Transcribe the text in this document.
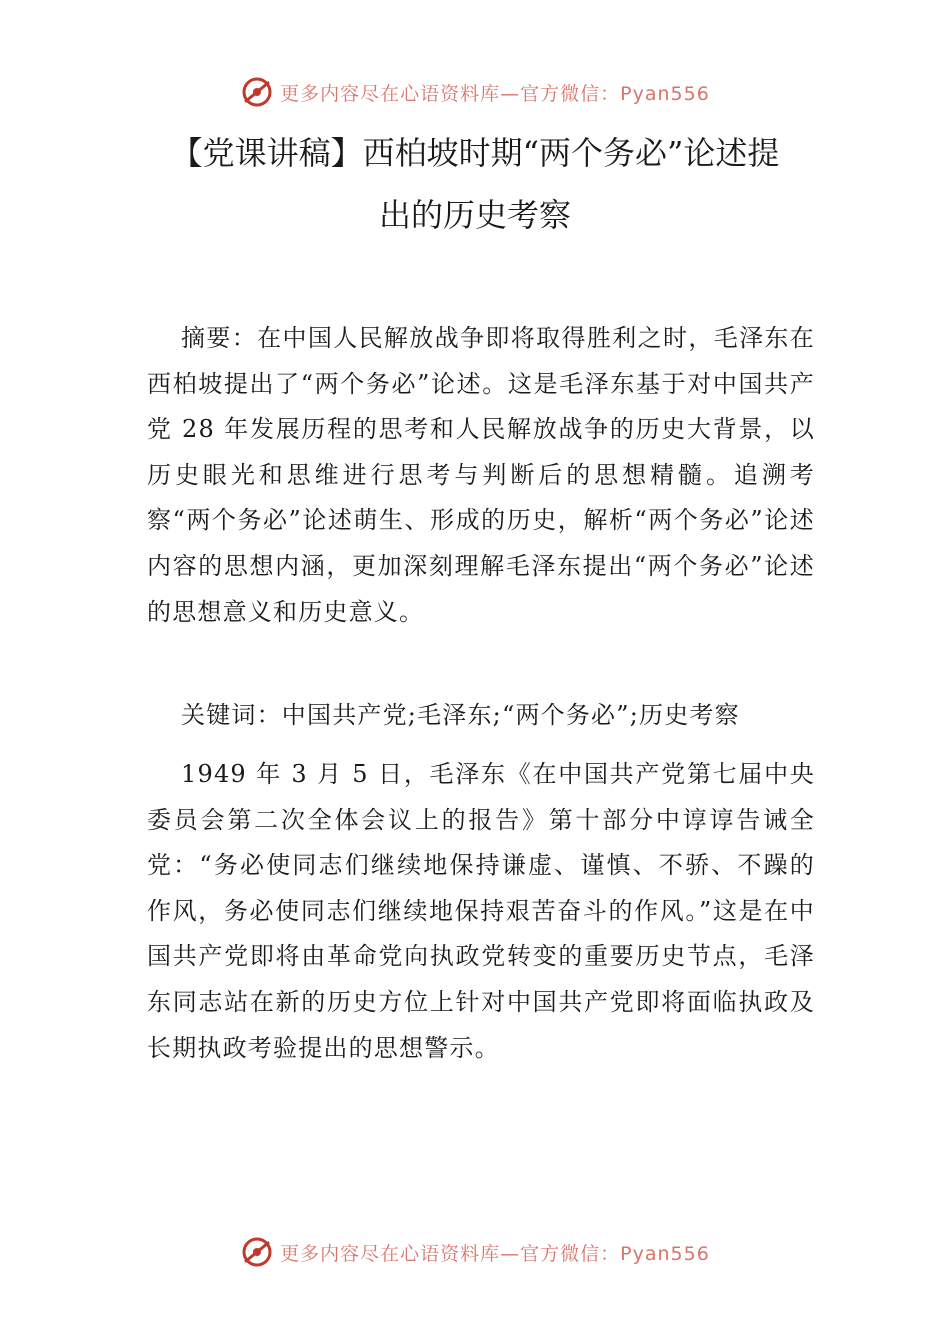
更多内容尽在心语资料库—官方微信：Pyan556
【党课讲稿】西柏坡时期“两个务必”论述提
出的历史考察

摘要：在中国人民解放战争即将取得胜利之时，毛泽东在西柏坡提出了“两个务必”论述。这是毛泽东基于对中国共产党 28 年发展历程的思考和人民解放战争的历史大背景，以历史眼光和思维进行思考与判断后的思想精髓。追溯考察“两个务必”论述萌生、形成的历史，解析“两个务必”论述内容的思想内涵，更加深刻理解毛泽东提出“两个务必”论述的思想意义和历史意义。

关键词：中国共产党;毛泽东;“两个务必”;历史考察

1949 年 3 月 5 日，毛泽东《在中国共产党第七届中央委员会第二次全体会议上的报告》第十部分中谆谆告诫全党：“务必使同志们继续地保持谦虚、谨慎、不骄、不躁的作风，务必使同志们继续地保持艰苦奋斗的作风。”这是在中国共产党即将由革命党向执政党转变的重要历史节点，毛泽东同志站在新的历史方位上针对中国共产党即将面临执政及长期执政考验提出的思想警示。

更多内容尽在心语资料库—官方微信：Pyan556
